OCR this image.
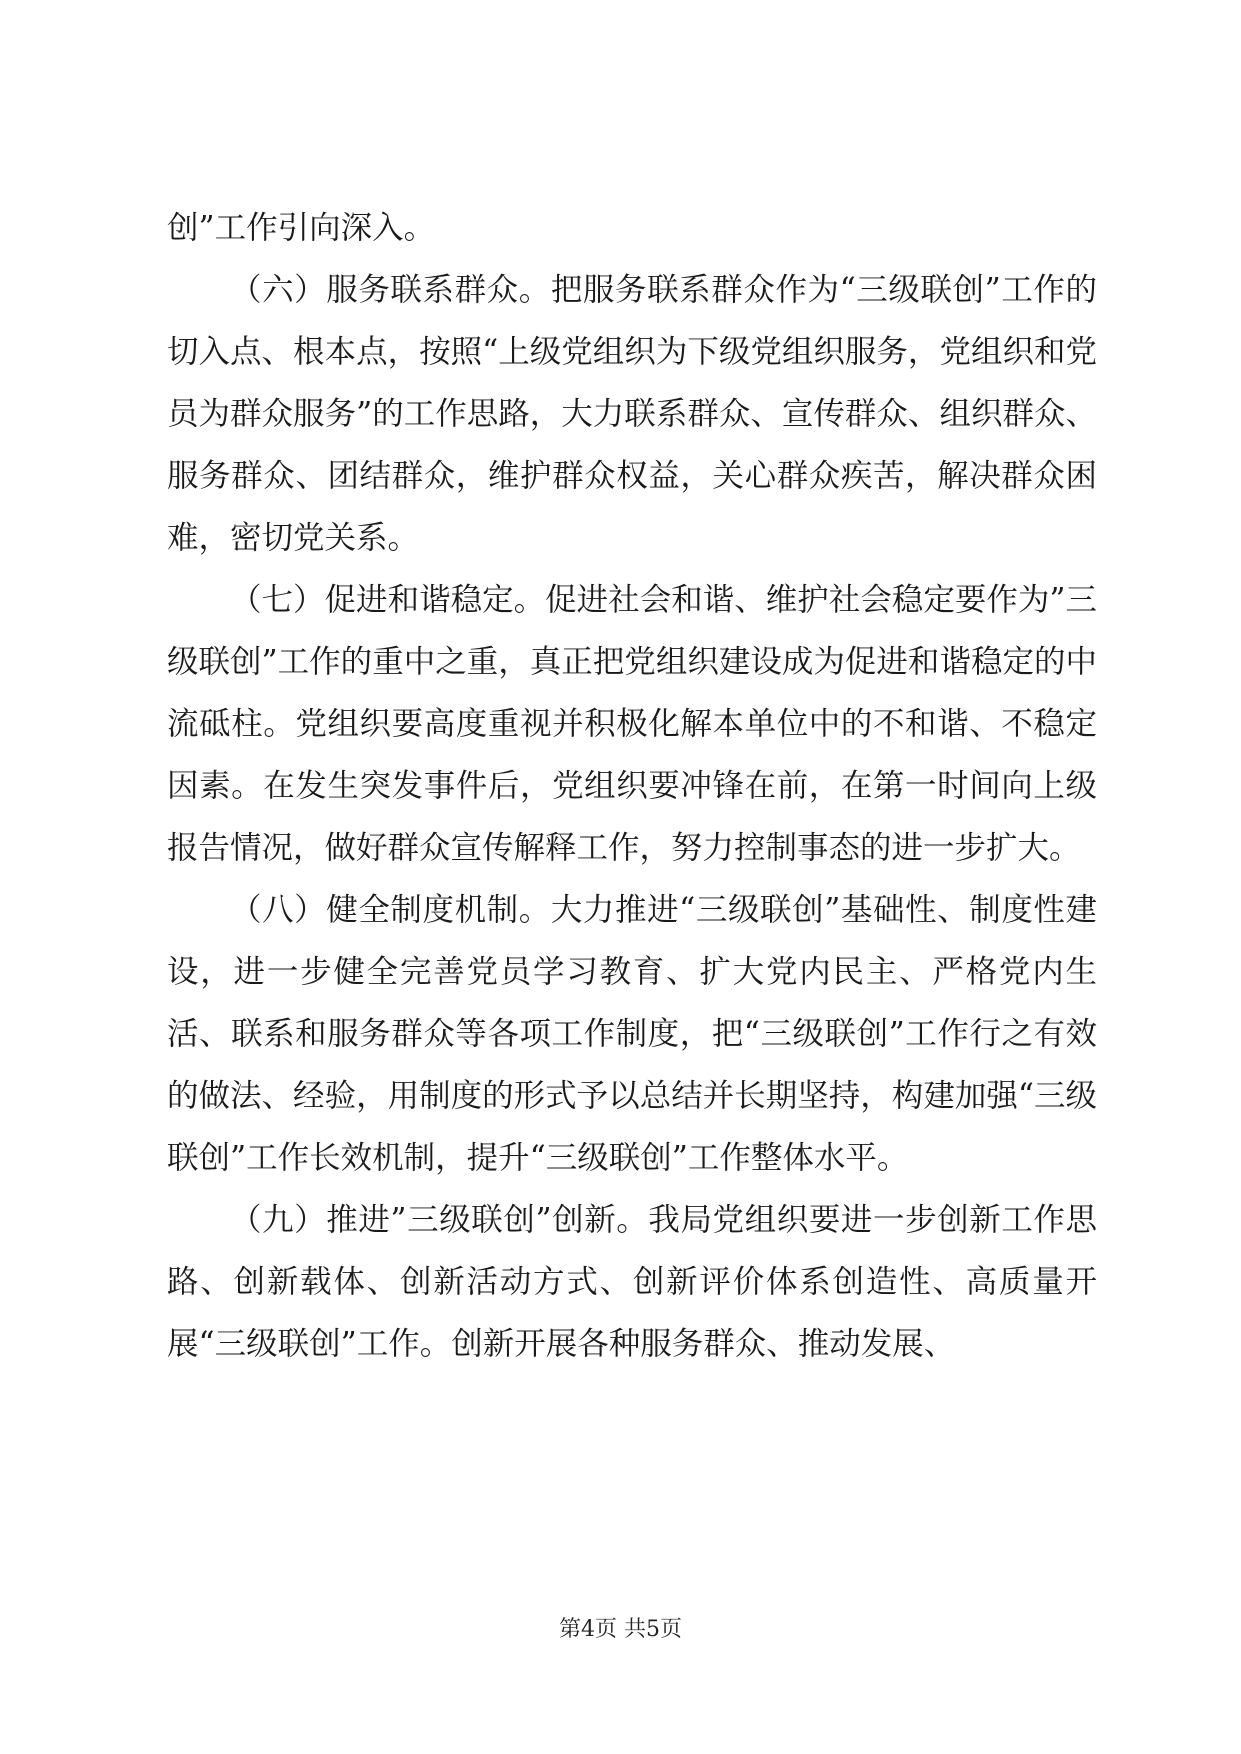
创”工作引向深入。

（六）服务联系群众。把服务联系群众作为“三级联创”工作的切入点、根本点，按照“上级党组织为下级党组织服务，党组织和党员为群众服务”的工作思路，大力联系群众、宣传群众、组织群众、服务群众、团结群众，维护群众权益，关心群众疾苦，解决群众困难，密切党关系。

（七）促进和谐稳定。促进社会和谐、维护社会稳定要作为”三级联创”工作的重中之重，真正把党组织建设成为促进和谐稳定的中流砥柱。党组织要高度重视并积极化解本单位中的不和谐、不稳定因素。在发生突发事件后，党组织要冲锋在前，在第一时间向上级报告情况，做好群众宣传解释工作，努力控制事态的进一步扩大。

（八）健全制度机制。大力推进“三级联创”基础性、制度性建设，进一步健全完善党员学习教育、扩大党内民主、严格党内生活、联系和服务群众等各项工作制度，把“三级联创”工作行之有效的做法、经验，用制度的形式予以总结并长期坚持，构建加强“三级联创”工作长效机制，提升“三级联创”工作整体水平。

（九）推进”三级联创”创新。我局党组织要进一步创新工作思路、创新载体、创新活动方式、创新评价体系创造性、高质量开展“三级联创”工作。创新开展各种服务群众、推动发展、

第4页 共5页
